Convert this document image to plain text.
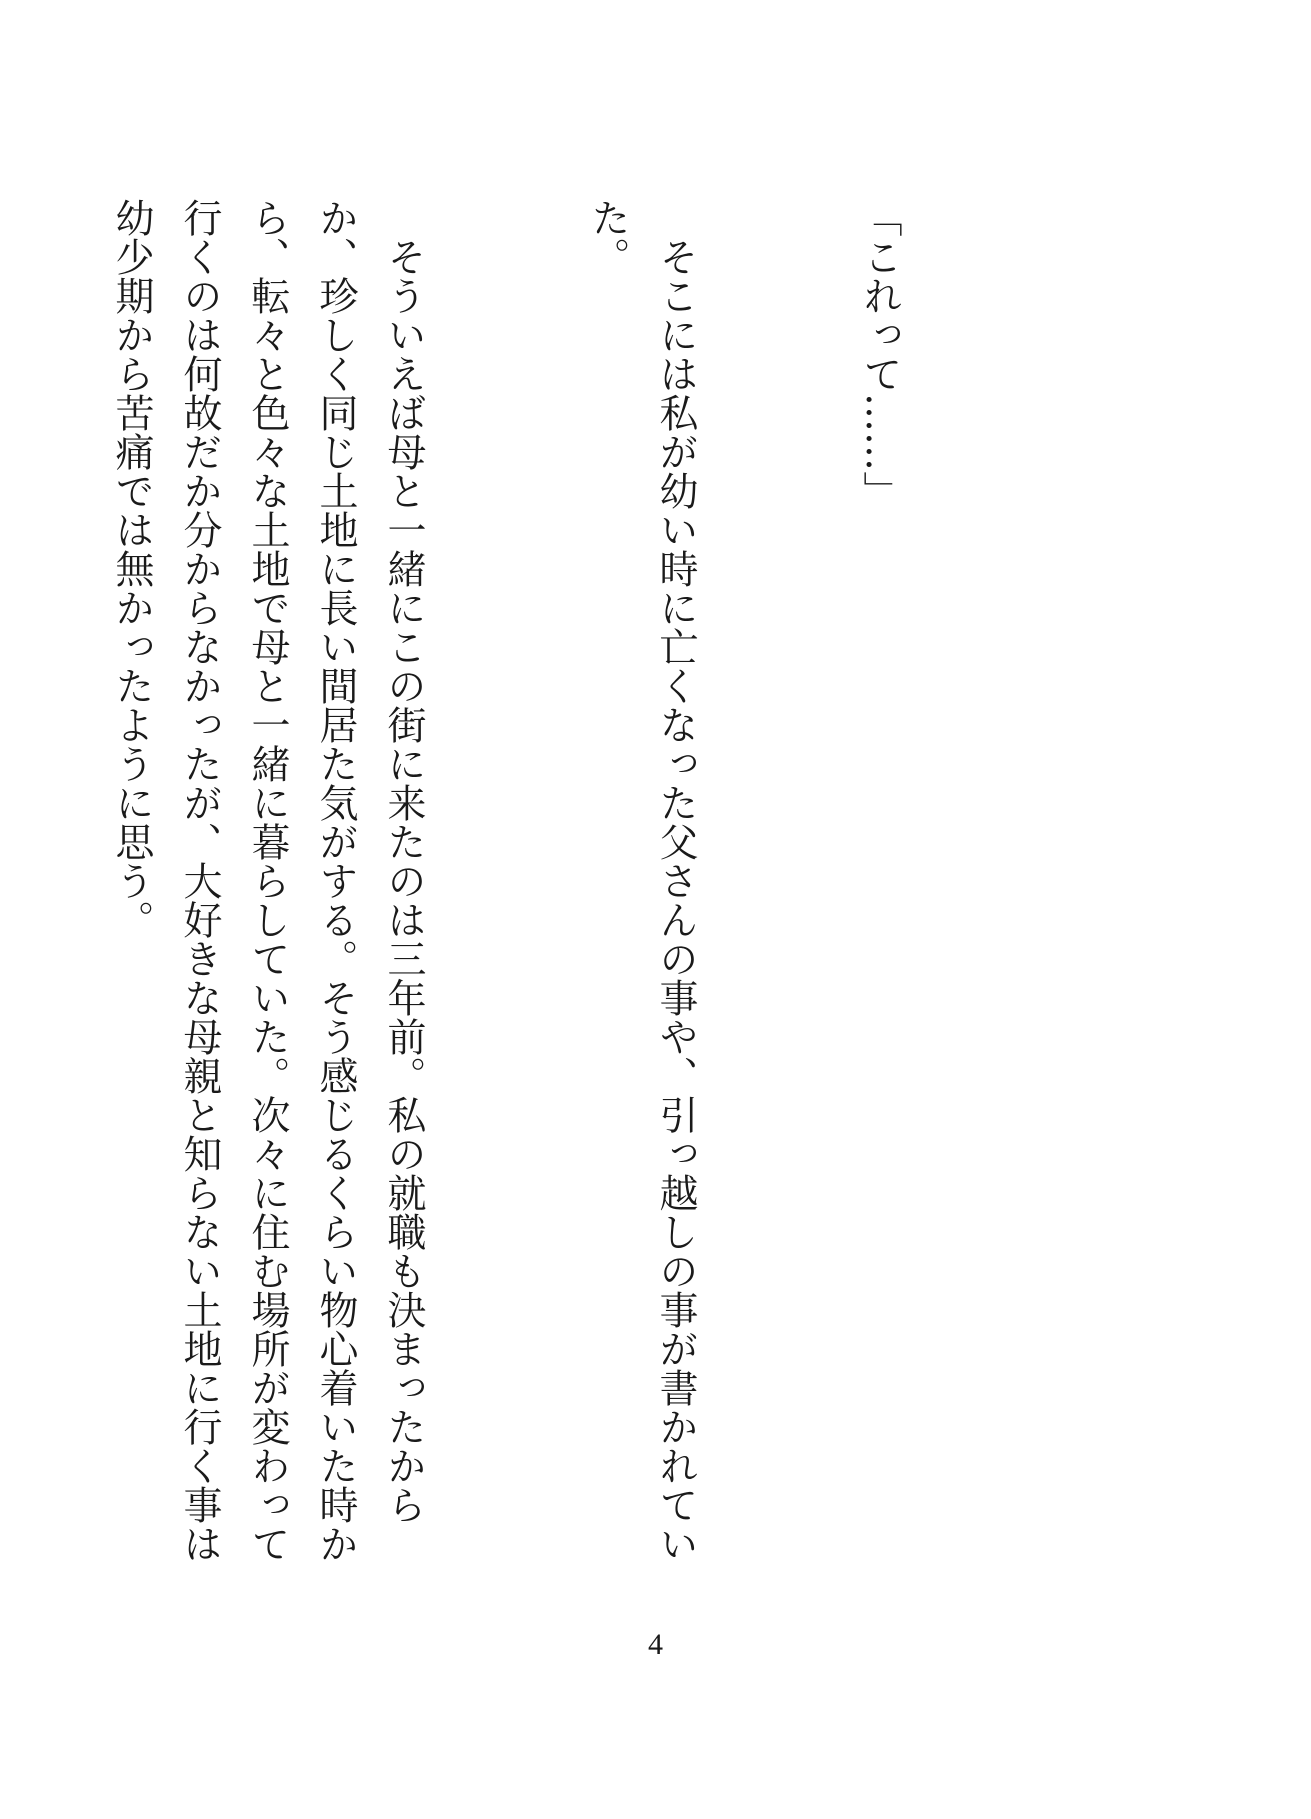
「これって……」

　そこには私が幼い時に亡くなった父さんの事や、引っ越しの事が書かれていた。

　そういえば母と一緒にこの街に来たのは三年前。私の就職も決まったからか、珍しく同じ土地に長い間居た気がする。そう感じるくらい物心着いた時から、転々と色々な土地で母と一緒に暮らしていた。次々に住む場所が変わって行くのは何故だか分からなかったが、大好きな母親と知らない土地に行く事は幼少期から苦痛では無かったように思う。

4
